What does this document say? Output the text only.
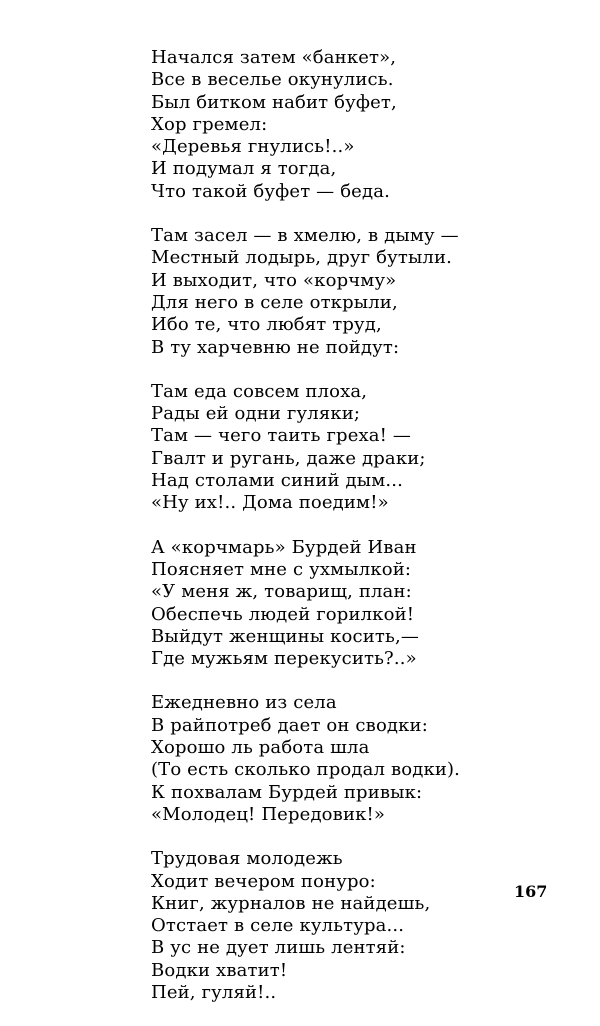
Начался затем «банкет»,
Все в веселье окунулись.
Был битком набит буфет,
Хор гремел:
«Деревья гнулись!..»
И подумал я тогда,
Что такой буфет — беда.
Там засел — в хмелю, в дыму —
Местный лодырь, друг бутыли.
И выходит, что «корчму»
Для него в селе открыли,
Ибо те, что любят труд,
В ту харчевню не пойдут:
Там еда совсем плоха,
Рады ей одни гуляки;
Там — чего таить греха! —
Гвалт и ругань, даже драки;
Над столами синий дым...
«Ну их!.. Дома поедим!»
А «корчмарь» Бурдей Иван
Поясняет мне с ухмылкой:
«У меня ж, товарищ, план:
Обеспечь людей горилкой!
Выйдут женщины косить,—
Где мужьям перекусить?..»
Ежедневно из села
В райпотреб дает он сводки:
Хорошо ль работа шла
(То есть сколько продал водки).
К похвалам Бурдей привык:
«Молодец! Передовик!»
Трудовая молодежь
Ходит вечером понуро:
Книг, журналов не найдешь,
Отстает в селе культура...
В ус не дует лишь лентяй:
Водки хватит!
Пей, гуляй!..
167
